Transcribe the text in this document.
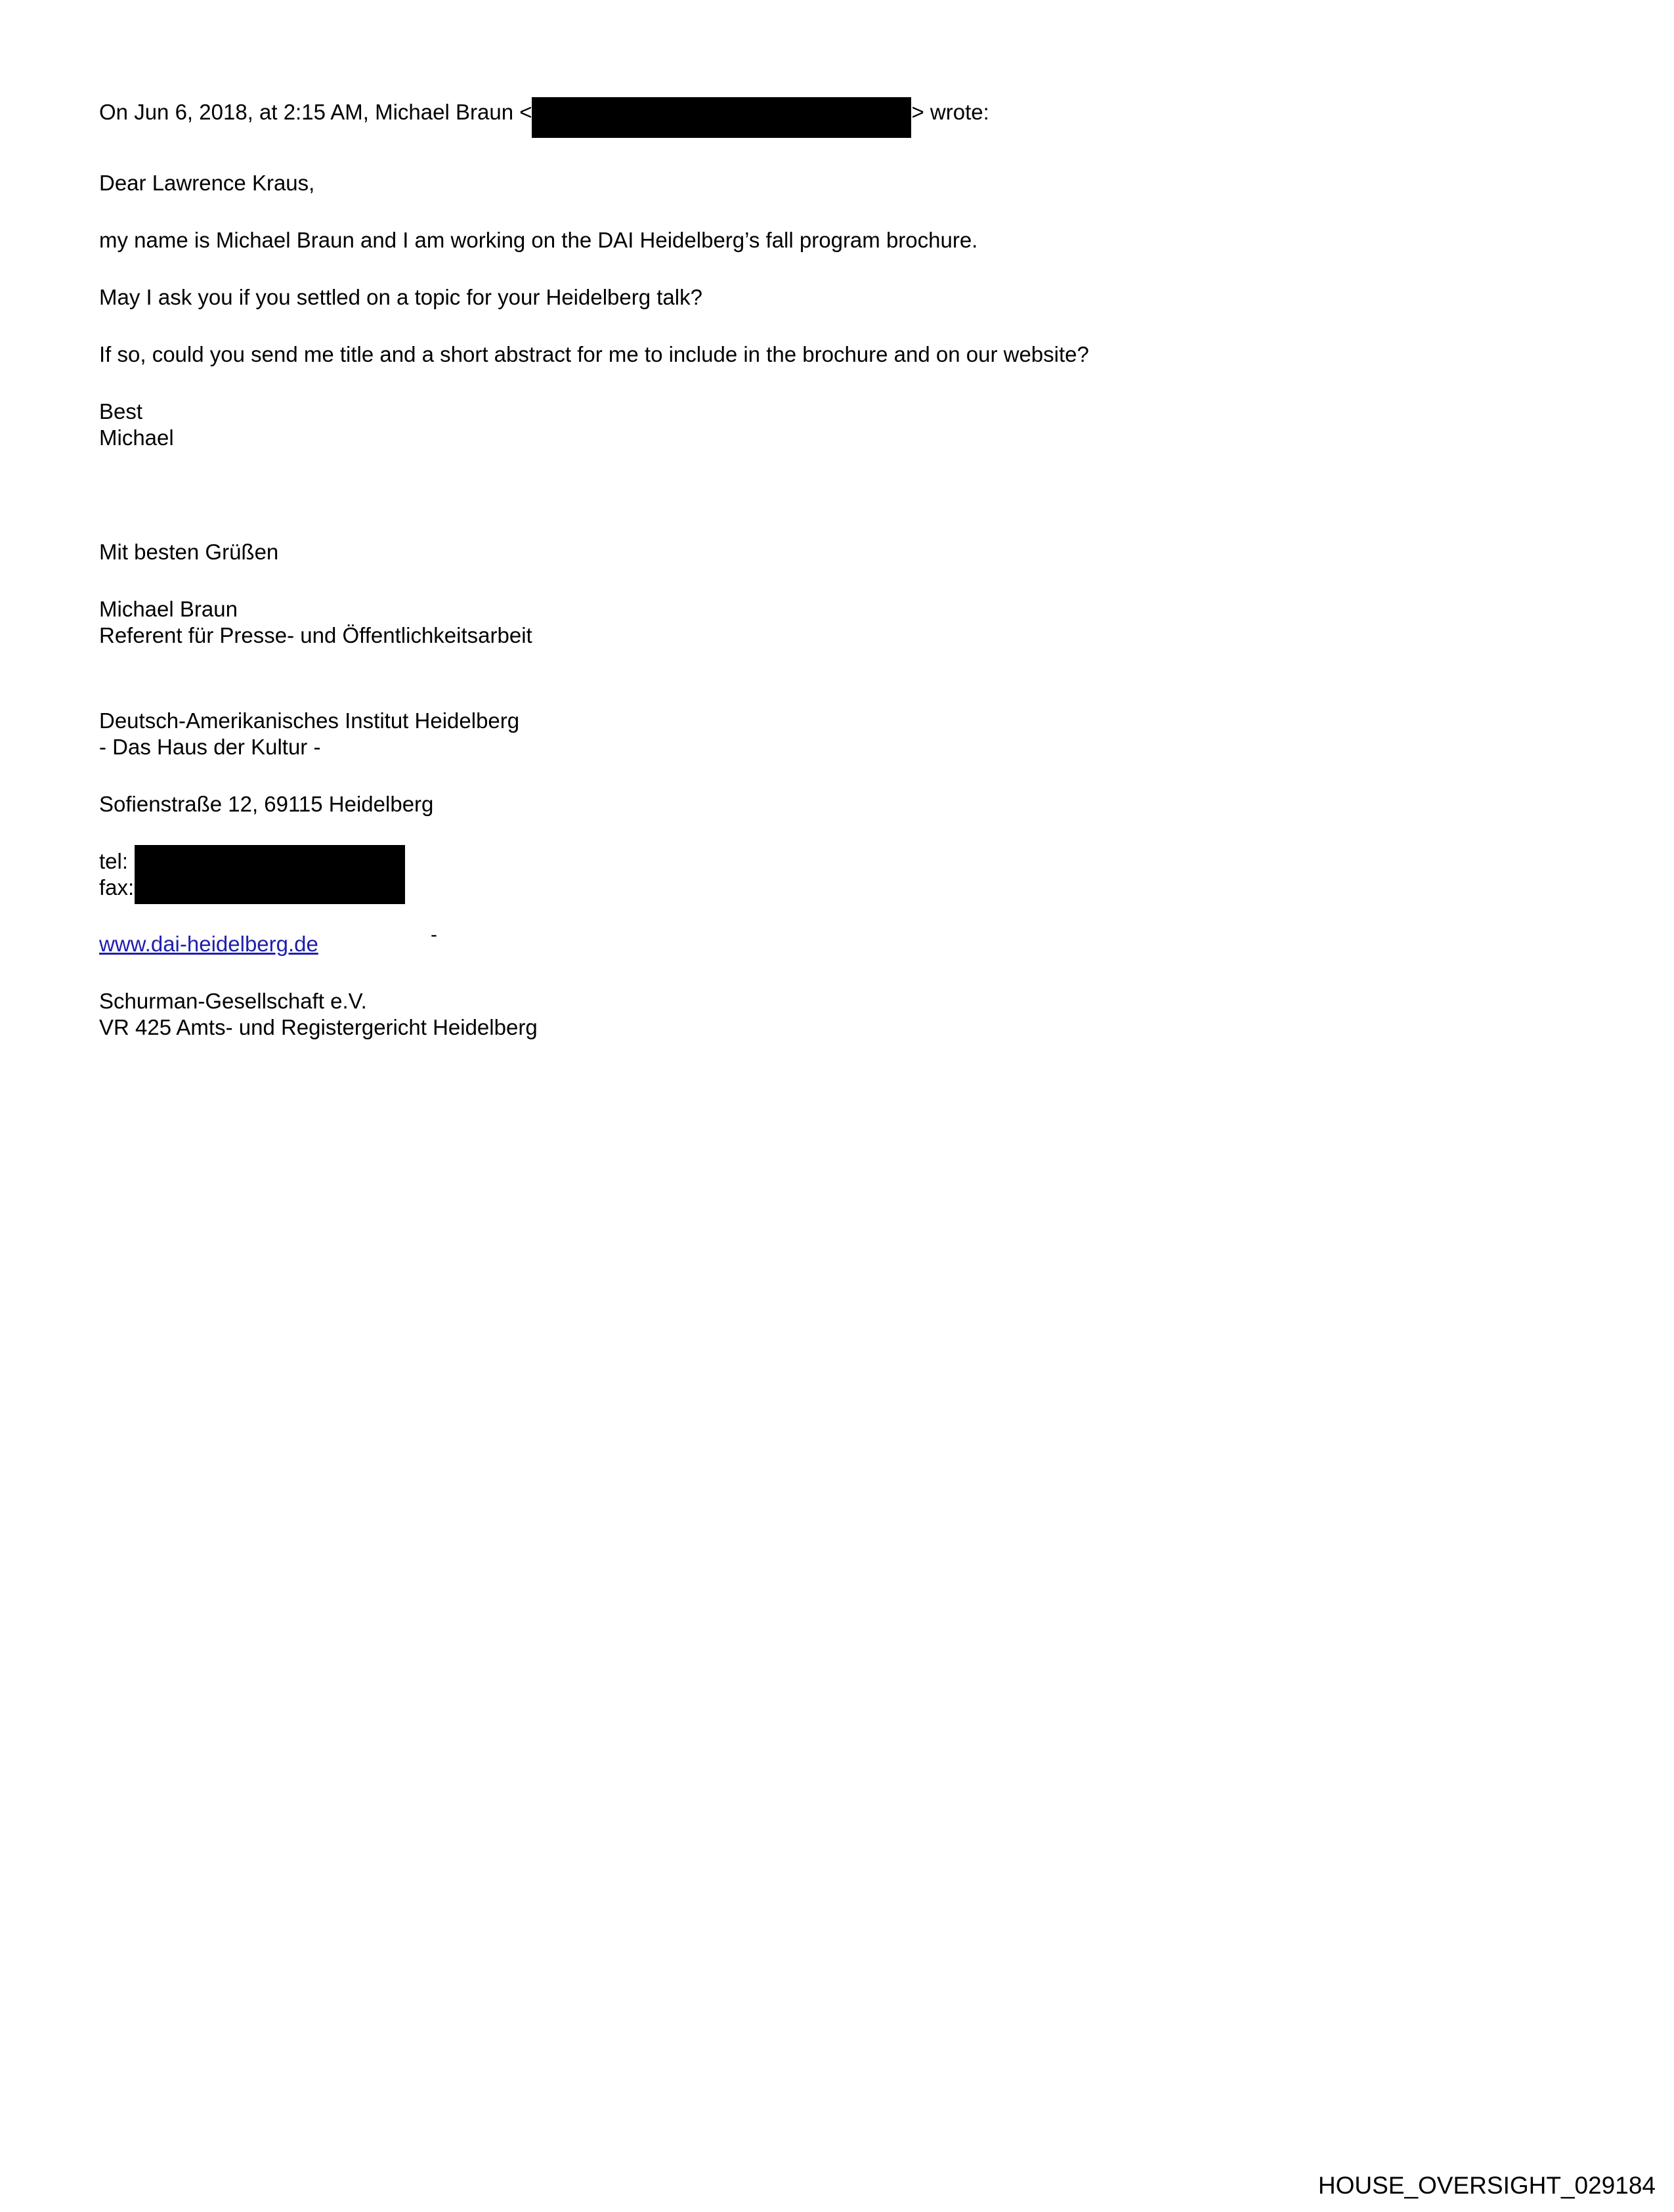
On Jun 6, 2018, at 2:15 AM, Michael Braun <	> wrote:
Dear Lawrence Kraus,
my name is Michael Braun and I am working on the DAI Heidelberg’s fall program brochure.
May I ask you if you settled on a topic for your Heidelberg talk?
If so, could you send me title and a short abstract for me to include in the brochure and on our website?
Best
Michael
Mit besten Grüßen
Michael Braun
Referent für Presse- und Öffentlichkeitsarbeit
Deutsch-Amerikanisches Institut Heidelberg
- Das Haus der Kultur -
Sofienstraße 12, 69115 Heidelberg
tel:
fax:
-
www.dai-heidelberg.de
Schurman-Gesellschaft e.V.
VR 425 Amts- und Registergericht Heidelberg
HOUSE_OVERSIGHT_029184
